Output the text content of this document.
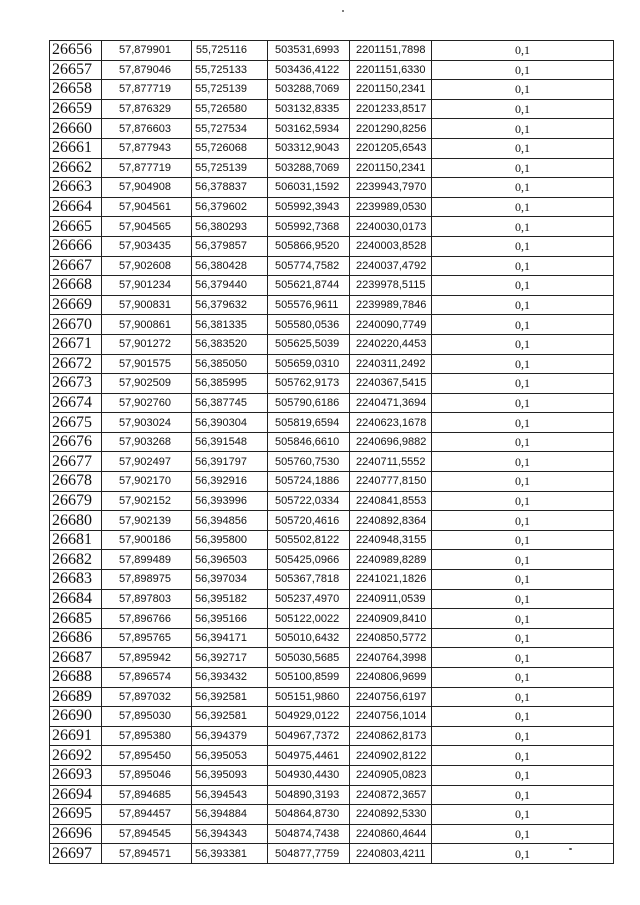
26656	57,879901	55,725116	503531,6993	2201151,7898	0,1
26657	57,879046	55,725133	503436,4122	2201151,6330	0,1
26658	57,877719	55,725139	503288,7069	2201150,2341	0,1
26659	57,876329	55,726580	503132,8335	2201233,8517	0,1
26660	57,876603	55,727534	503162,5934	2201290,8256	0,1
26661	57,877943	55,726068	503312,9043	2201205,6543	0,1
26662	57,877719	55,725139	503288,7069	2201150,2341	0,1
26663	57,904908	56,378837	506031,1592	2239943,7970	0,1
26664	57,904561	56,379602	505992,3943	2239989,0530	0,1
26665	57,904565	56,380293	505992,7368	2240030,0173	0,1
26666	57,903435	56,379857	505866,9520	2240003,8528	0,1
26667	57,902608	56,380428	505774,7582	2240037,4792	0,1
26668	57,901234	56,379440	505621,8744	2239978,5115	0,1
26669	57,900831	56,379632	505576,9611	2239989,7846	0,1
26670	57,900861	56,381335	505580,0536	2240090,7749	0,1
26671	57,901272	56,383520	505625,5039	2240220,4453	0,1
26672	57,901575	56,385050	505659,0310	2240311,2492	0,1
26673	57,902509	56,385995	505762,9173	2240367,5415	0,1
26674	57,902760	56,387745	505790,6186	2240471,3694	0,1
26675	57,903024	56,390304	505819,6594	2240623,1678	0,1
26676	57,903268	56,391548	505846,6610	2240696,9882	0,1
26677	57,902497	56,391797	505760,7530	2240711,5552	0,1
26678	57,902170	56,392916	505724,1886	2240777,8150	0,1
26679	57,902152	56,393996	505722,0334	2240841,8553	0,1
26680	57,902139	56,394856	505720,4616	2240892,8364	0,1
26681	57,900186	56,395800	505502,8122	2240948,3155	0,1
26682	57,899489	56,396503	505425,0966	2240989,8289	0,1
26683	57,898975	56,397034	505367,7818	2241021,1826	0,1
26684	57,897803	56,395182	505237,4970	2240911,0539	0,1
26685	57,896766	56,395166	505122,0022	2240909,8410	0,1
26686	57,895765	56,394171	505010,6432	2240850,5772	0,1
26687	57,895942	56,392717	505030,5685	2240764,3998	0,1
26688	57,896574	56,393432	505100,8599	2240806,9699	0,1
26689	57,897032	56,392581	505151,9860	2240756,6197	0,1
26690	57,895030	56,392581	504929,0122	2240756,1014	0,1
26691	57,895380	56,394379	504967,7372	2240862,8173	0,1
26692	57,895450	56,395053	504975,4461	2240902,8122	0,1
26693	57,895046	56,395093	504930,4430	2240905,0823	0,1
26694	57,894685	56,394543	504890,3193	2240872,3657	0,1
26695	57,894457	56,394884	504864,8730	2240892,5330	0,1
26696	57,894545	56,394343	504874,7438	2240860,4644	0,1
26697	57,894571	56,393381	504877,7759	2240803,4211	0,1
